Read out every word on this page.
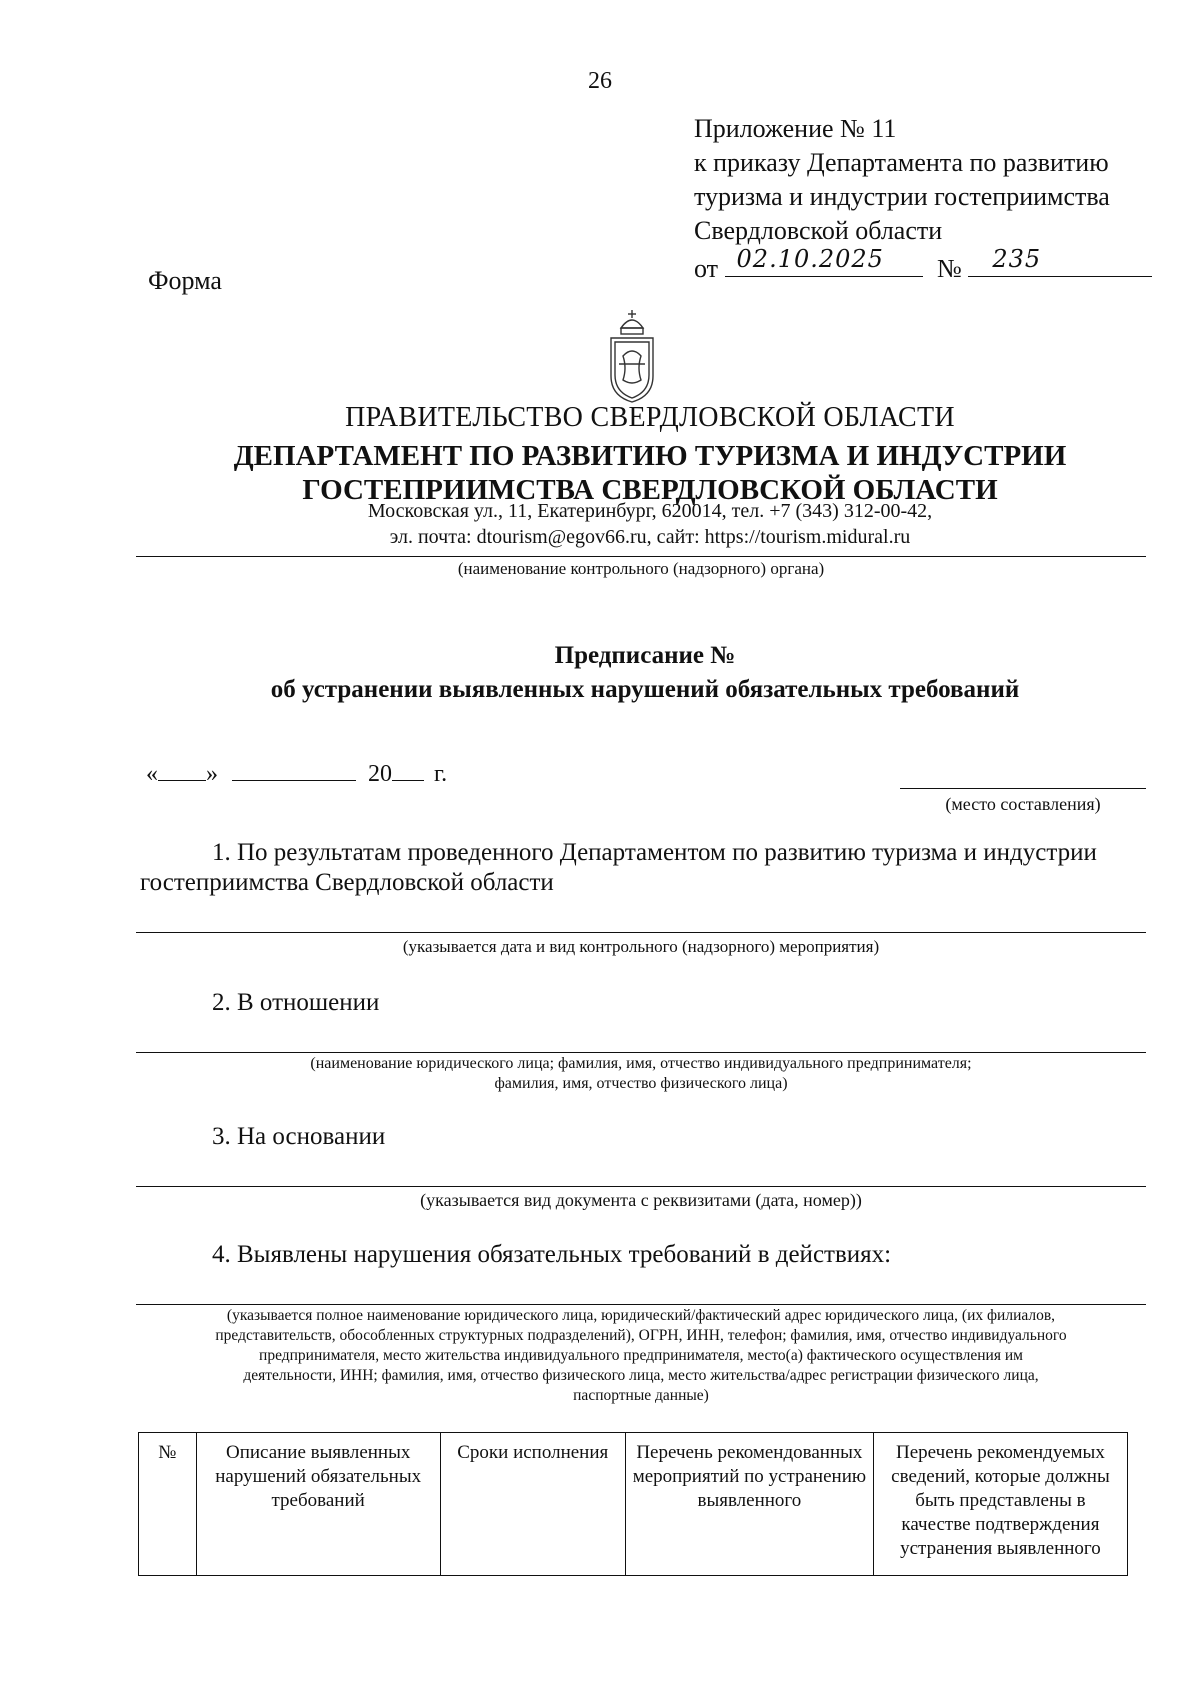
26
Приложение № 11
к приказу Департамента по развитию
туризма и индустрии гостеприимства
Свердловской области
от 02.10.2025 № 235
Форма
ПРАВИТЕЛЬСТВО СВЕРДЛОВСКОЙ ОБЛАСТИ
ДЕПАРТАМЕНТ ПО РАЗВИТИЮ ТУРИЗМА И ИНДУСТРИИ
ГОСТЕПРИИМСТВА СВЕРДЛОВСКОЙ ОБЛАСТИ
Московская ул., 11, Екатеринбург, 620014, тел. +7 (343) 312-00-42,
эл. почта: dtourism@egov66.ru, сайт: https://tourism.midural.ru
(наименование контрольного (надзорного) органа)
Предписание №
об устранении выявленных нарушений обязательных требований
« »	20 г.
(место составления)
1. По результатам проведенного Департаментом по развитию туризма и индустрии
гостеприимства Свердловской области
(указывается дата и вид контрольного (надзорного) мероприятия)
2. В отношении
(наименование юридического лица; фамилия, имя, отчество индивидуального предпринимателя;
фамилия, имя, отчество физического лица)
3. На основании
(указывается вид документа с реквизитами (дата, номер))
4. Выявлены нарушения обязательных требований в действиях:
(указывается полное наименование юридического лица, юридический/фактический адрес юридического лица, (их филиалов,
представительств, обособленных структурных подразделений), ОГРН, ИНН, телефон; фамилия, имя, отчество индивидуального
предпринимателя, место жительства индивидуального предпринимателя, место(а) фактического осуществления им
деятельности, ИНН; фамилия, имя, отчество физического лица, место жительства/адрес регистрации физического лица,
паспортные данные)
№	Описание выявленных нарушений обязательных требований	Сроки исполнения	Перечень рекомендованных мероприятий по устранению выявленного	Перечень рекомендуемых сведений, которые должны быть представлены в качестве подтверждения устранения выявленного
